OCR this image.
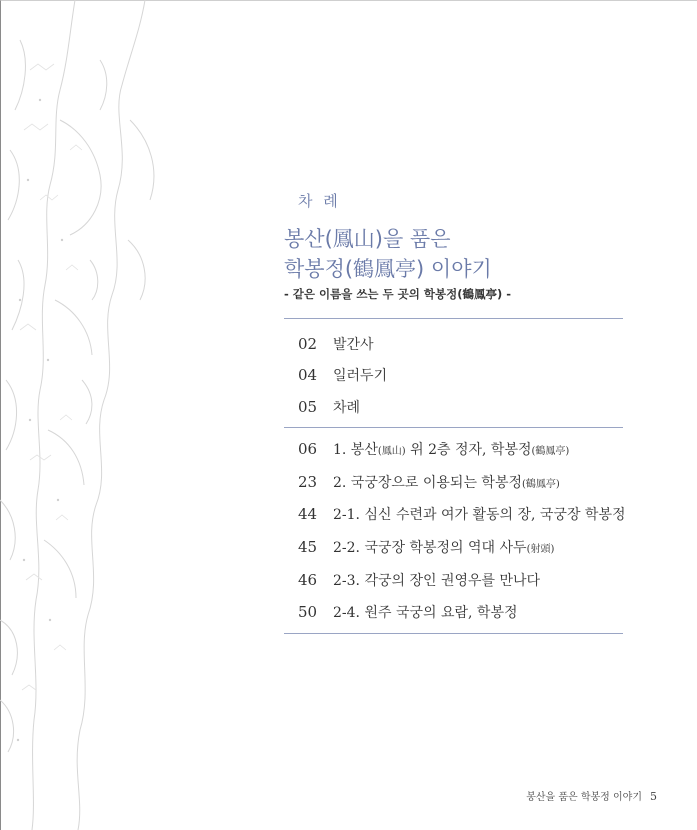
차 례
봉산(鳳山)을 품은
학봉정(鶴鳳亭) 이야기
- 같은 이름을 쓰는 두 곳의 학봉정(鶴鳳亭) -
02	발간사
04	일러두기
05	차례
06	1. 봉산(鳳山) 위 2층 정자, 학봉정(鶴鳳亭)
23	2. 국궁장으로 이용되는 학봉정(鶴鳳亭)
44	2-1. 심신 수련과 여가 활동의 장, 국궁장 학봉정
45	2-2. 국궁장 학봉정의 역대 사두(射頭)
46	2-3. 각궁의 장인 권영우를 만나다
50	2-4. 원주 국궁의 요람, 학봉정
봉산을 품은 학봉정 이야기 5
